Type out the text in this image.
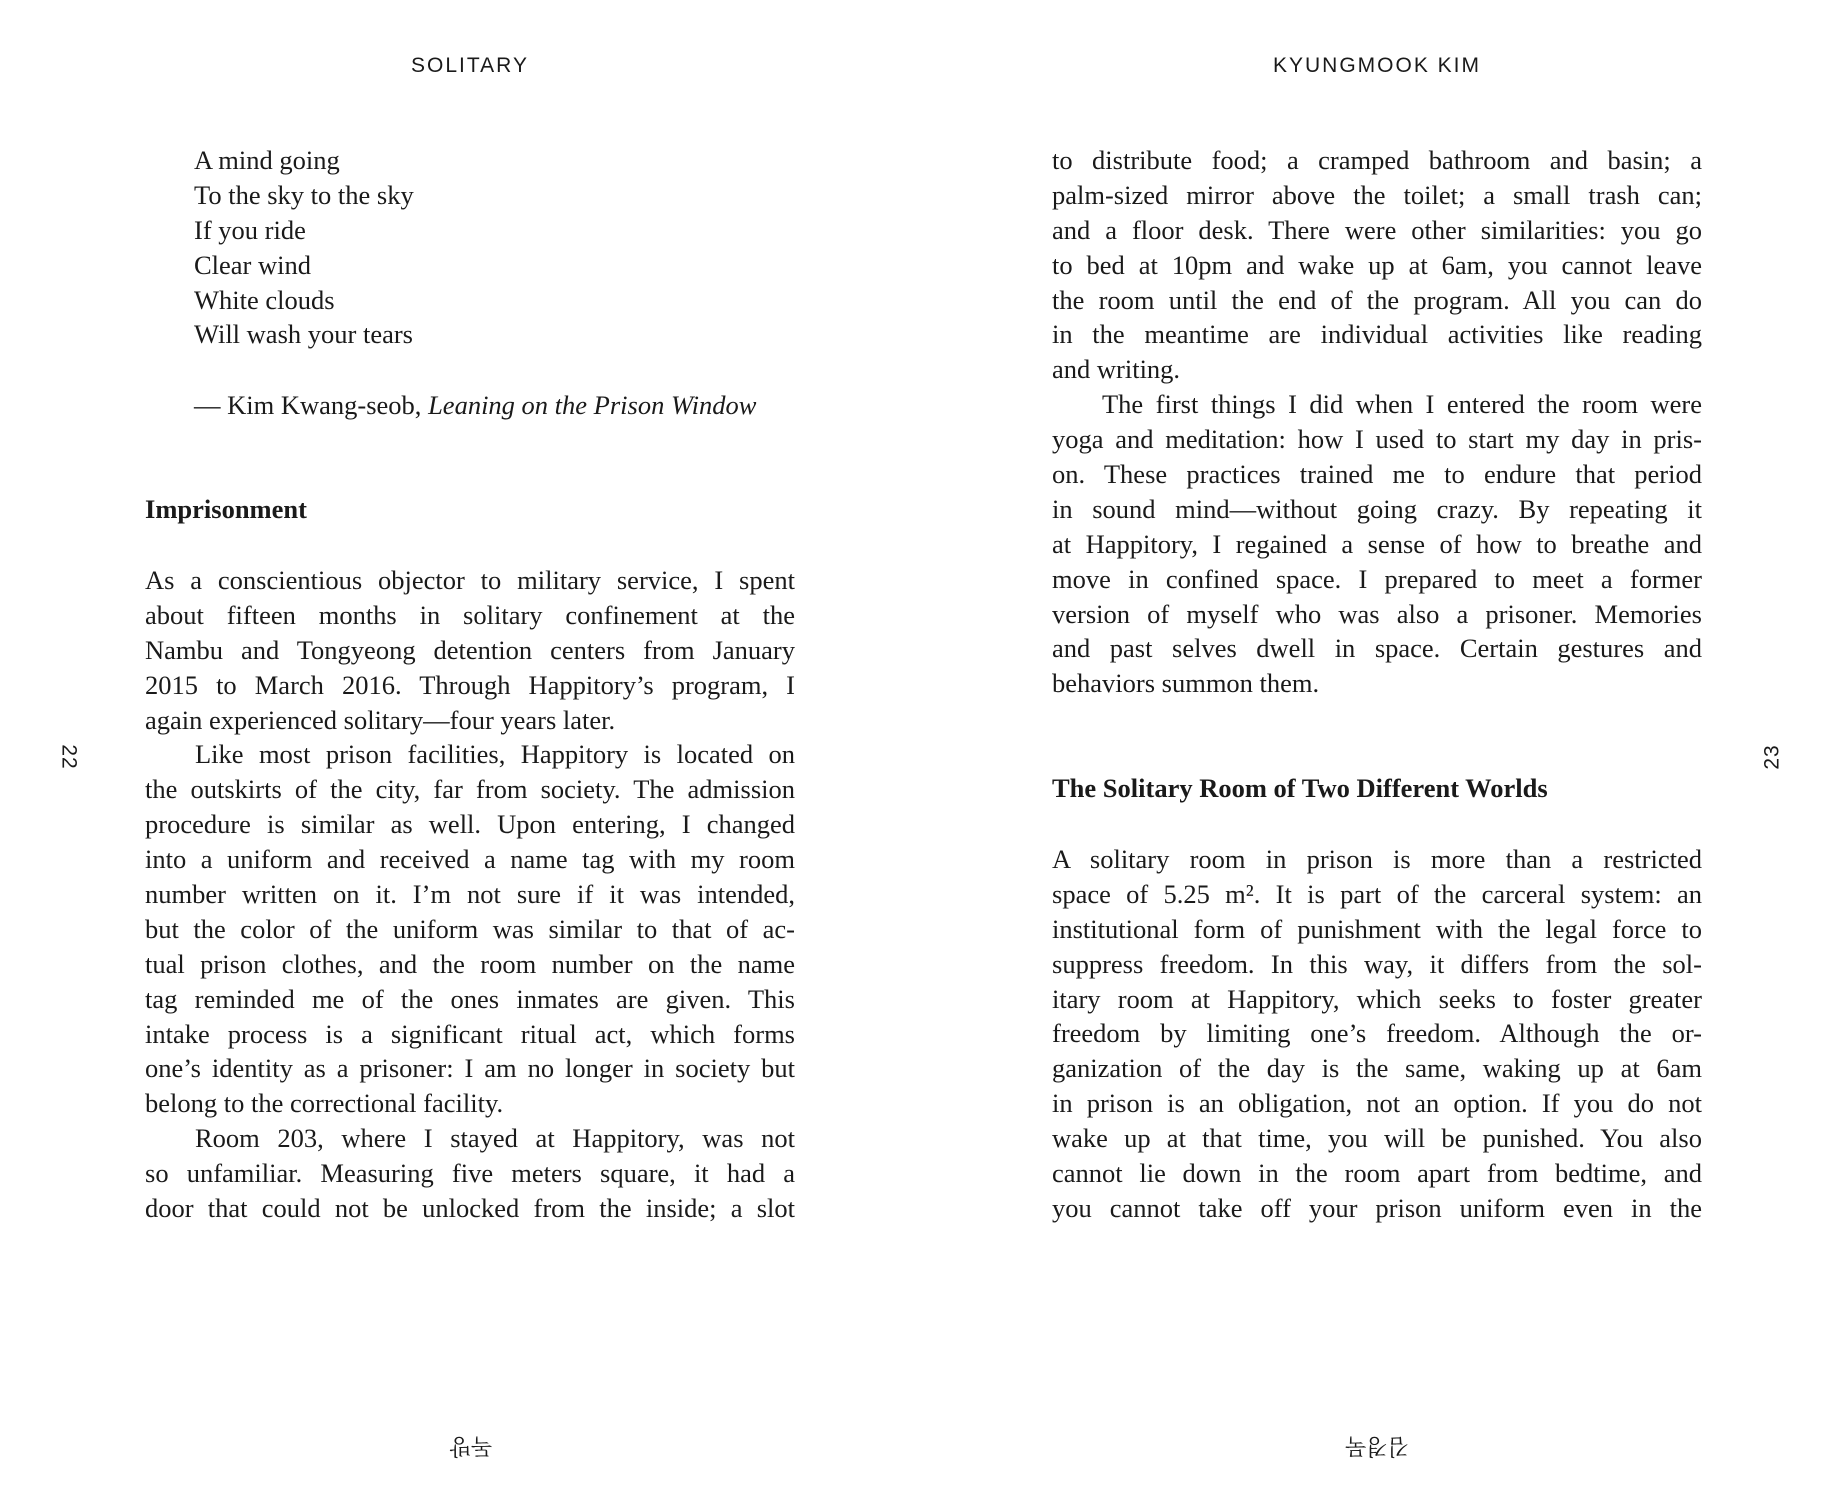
SOLITARY	KYUNGMOOK KIM
22	23
독방	김경묵
A mind going
To the sky to the sky
If you ride
Clear wind
White clouds
Will wash your tears
— Kim Kwang-seob, Leaning on the Prison Window
Imprisonment
As a conscientious objector to military service, I spent
about fifteen months in solitary confinement at the
Nambu and Tongyeong detention centers from January
2015 to March 2016. Through Happitory’s program, I
again experienced solitary—four years later.
Like most prison facilities, Happitory is located on
the outskirts of the city, far from society. The admission
procedure is similar as well. Upon entering, I changed
into a uniform and received a name tag with my room
number written on it. I’m not sure if it was intended,
but the color of the uniform was similar to that of ac-
tual prison clothes, and the room number on the name
tag reminded me of the ones inmates are given. This
intake process is a significant ritual act, which forms
one’s identity as a prisoner: I am no longer in society but
belong to the correctional facility.
Room 203, where I stayed at Happitory, was not
so unfamiliar. Measuring five meters square, it had a
door that could not be unlocked from the inside; a slot
to distribute food; a cramped bathroom and basin; a
palm-sized mirror above the toilet; a small trash can;
and a floor desk. There were other similarities: you go
to bed at 10pm and wake up at 6am, you cannot leave
the room until the end of the program. All you can do
in the meantime are individual activities like reading
and writing.
The first things I did when I entered the room were
yoga and meditation: how I used to start my day in pris-
on. These practices trained me to endure that period
in sound mind—without going crazy. By repeating it
at Happitory, I regained a sense of how to breathe and
move in confined space. I prepared to meet a former
version of myself who was also a prisoner. Memories
and past selves dwell in space. Certain gestures and
behaviors summon them.
The Solitary Room of Two Different Worlds
A solitary room in prison is more than a restricted
space of 5.25 m². It is part of the carceral system: an
institutional form of punishment with the legal force to
suppress freedom. In this way, it differs from the sol-
itary room at Happitory, which seeks to foster greater
freedom by limiting one’s freedom. Although the or-
ganization of the day is the same, waking up at 6am
in prison is an obligation, not an option. If you do not
wake up at that time, you will be punished. You also
cannot lie down in the room apart from bedtime, and
you cannot take off your prison uniform even in the
